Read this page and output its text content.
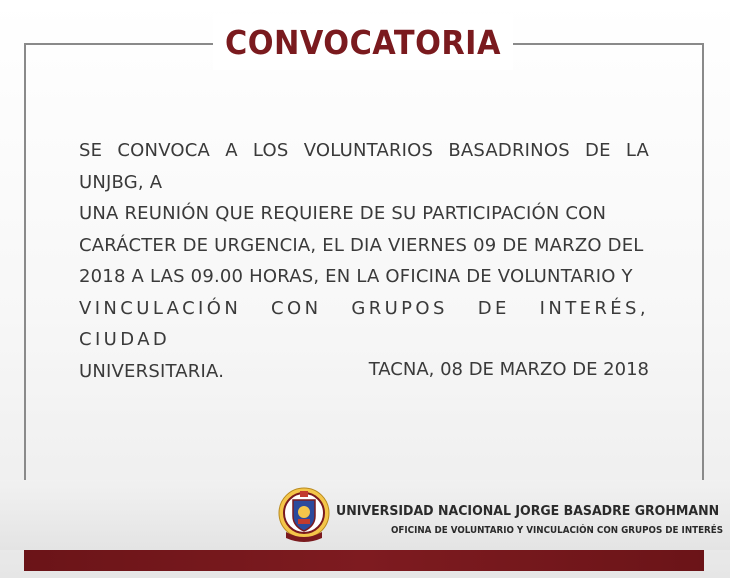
CONVOCATORIA
SE CONVOCA A LOS VOLUNTARIOS BASADRINOS DE LA UNJBG, A
UNA REUNIÓN QUE REQUIERE DE SU PARTICIPACIÓN CON
CARÁCTER DE URGENCIA, EL DIA VIERNES 09 DE MARZO DEL
2018 A LAS 09.00 HORAS, EN LA OFICINA DE VOLUNTARIO Y
VINCULACIÓN CON GRUPOS DE INTERÉS, CIUDAD
UNIVERSITARIA.	TACNA, 08 DE MARZO DE 2018
UNIVERSIDAD NACIONAL JORGE BASADRE GROHMANN
OFICINA DE VOLUNTARIO Y VINCULACIÓN CON GRUPOS DE INTERÉS
